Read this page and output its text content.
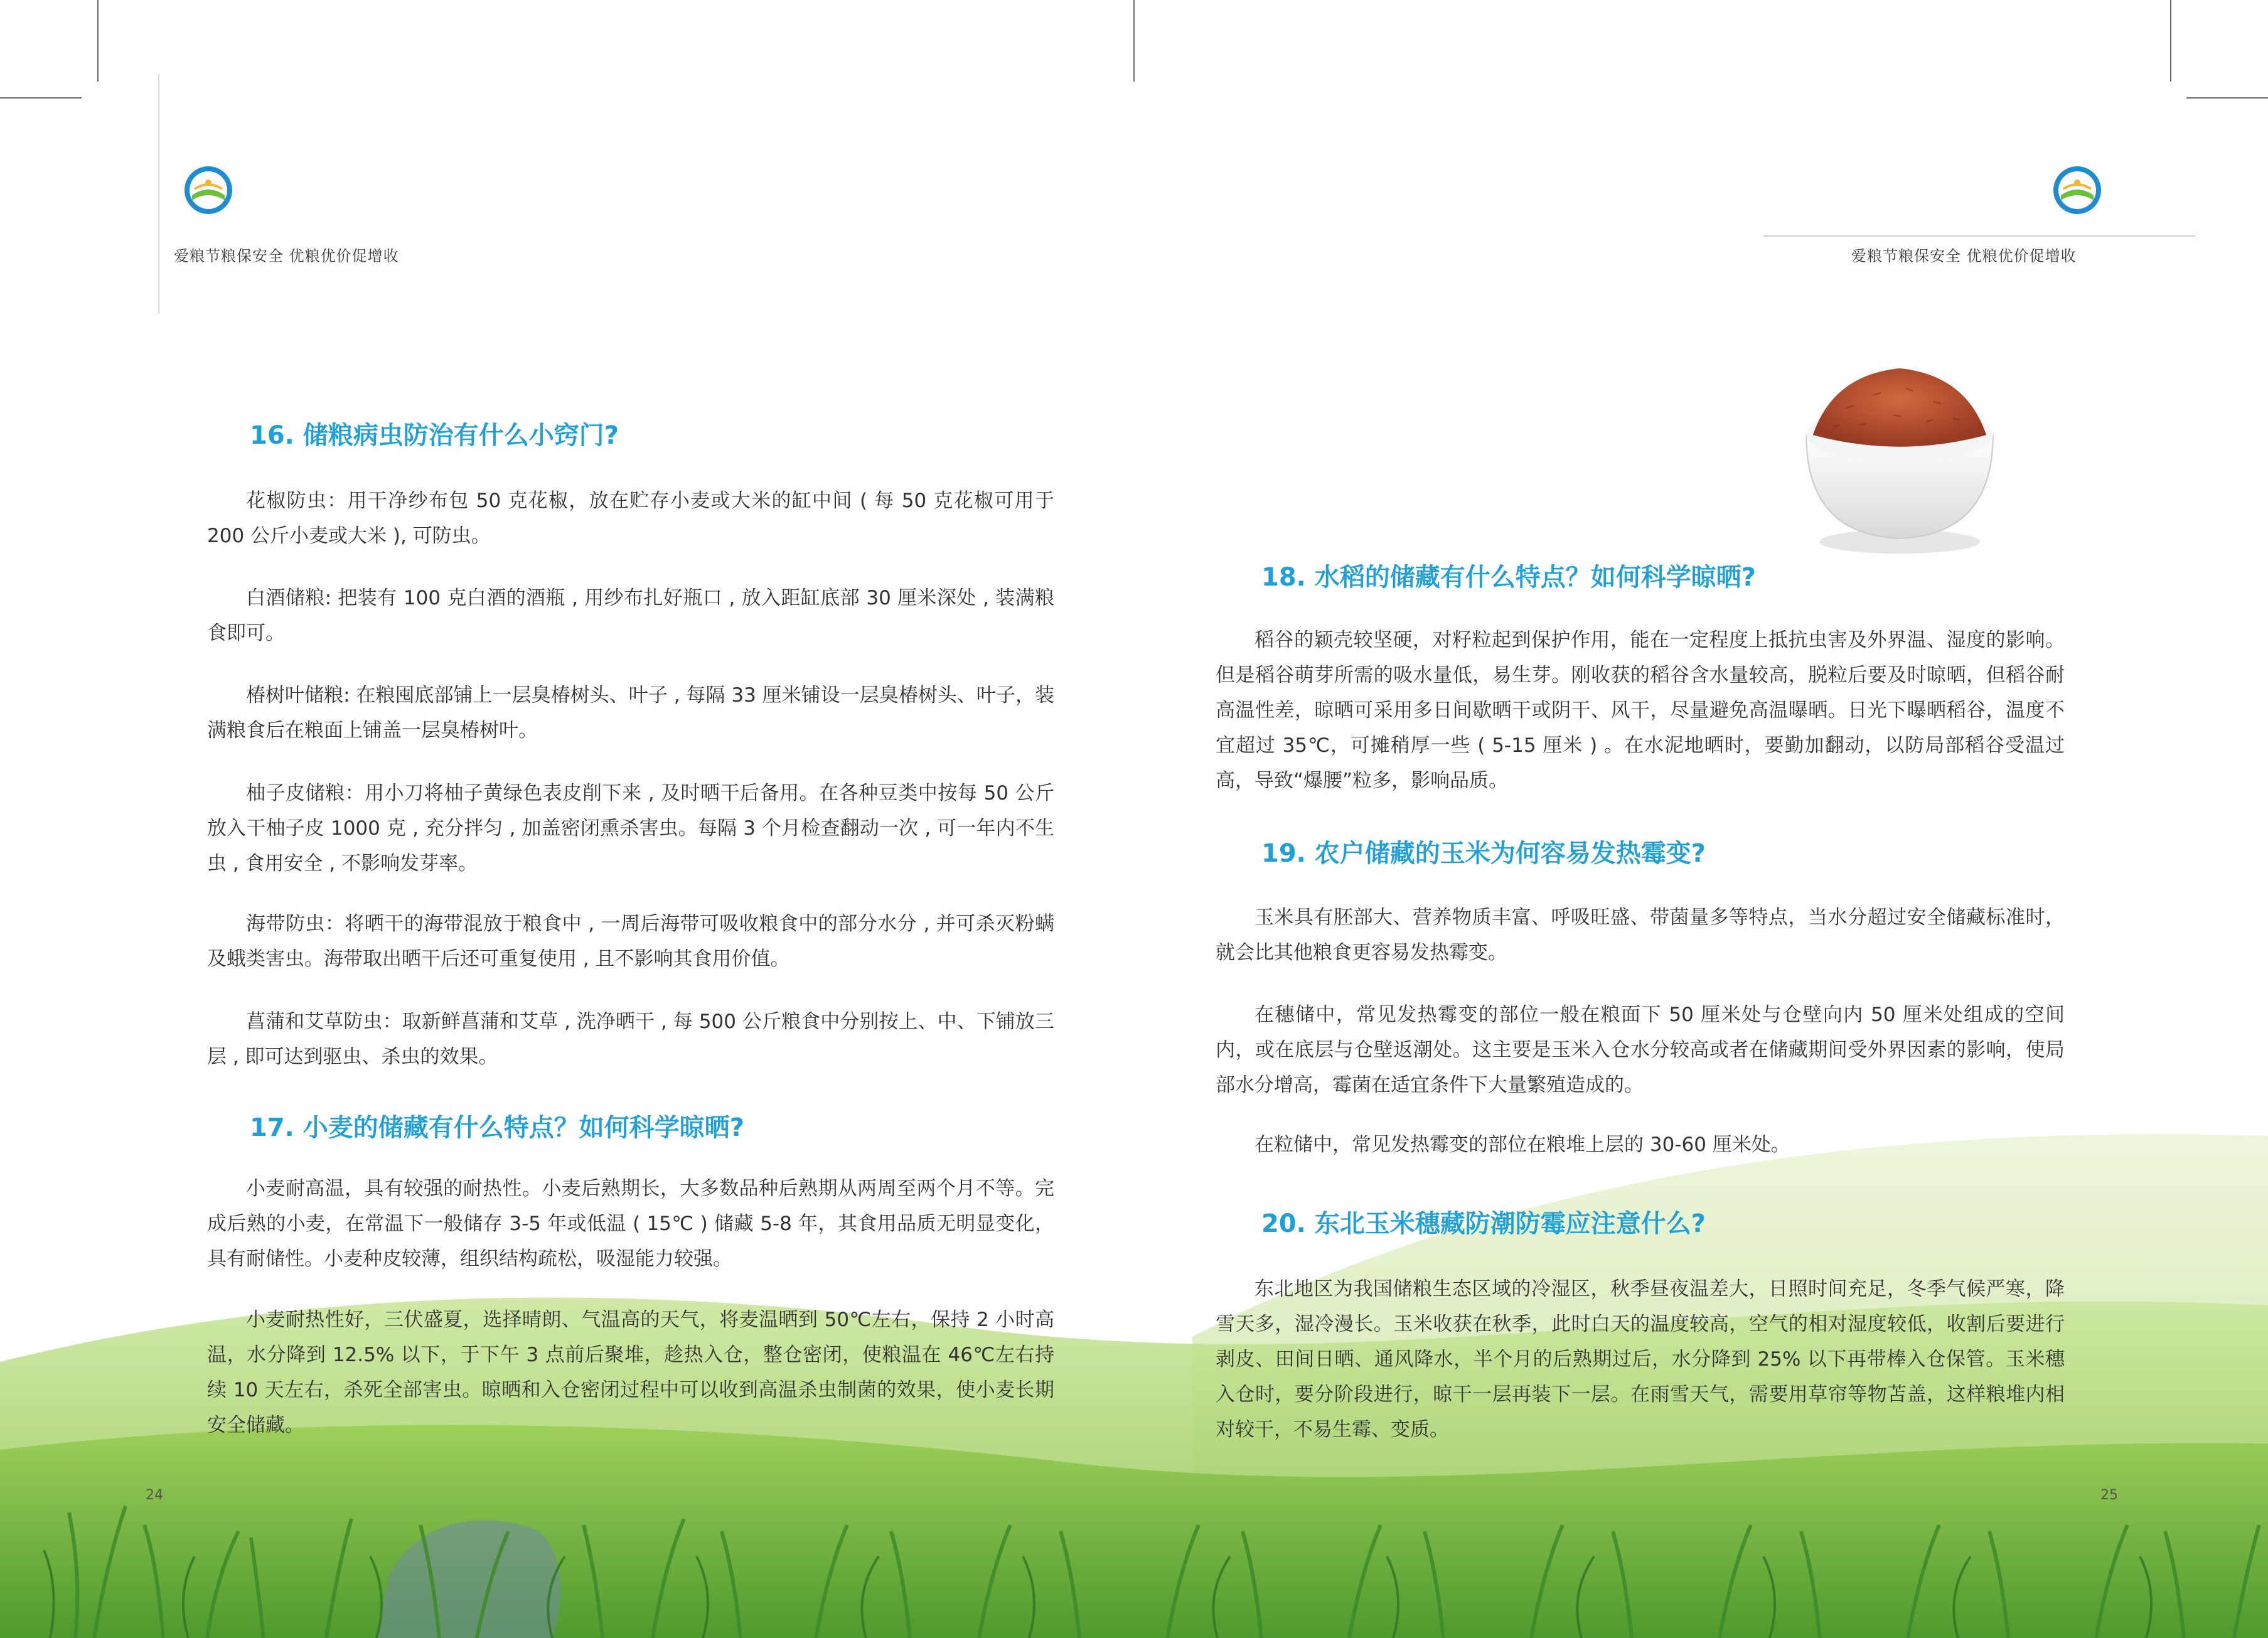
爱粮节粮保安全 优粮优价促增收
16. 储粮病虫防治有什么小窍门?

花椒防虫：用干净纱布包 50 克花椒，放在贮存小麦或大米的缸中间 ( 每 50 克花椒可用于 200 公斤小麦或大米 ), 可防虫。

白酒储粮: 把装有 100 克白酒的酒瓶 , 用纱布扎好瓶口 , 放入距缸底部 30 厘米深处 , 装满粮食即可。

椿树叶储粮: 在粮囤底部铺上一层臭椿树头、叶子 , 每隔 33 厘米铺设一层臭椿树头、叶子，装满粮食后在粮面上铺盖一层臭椿树叶。

柚子皮储粮：用小刀将柚子黄绿色表皮削下来 , 及时晒干后备用。在各种豆类中按每 50 公斤放入干柚子皮 1000 克 , 充分拌匀 , 加盖密闭熏杀害虫。每隔 3 个月检查翻动一次 , 可一年内不生虫 , 食用安全 , 不影响发芽率。

海带防虫：将晒干的海带混放于粮食中 , 一周后海带可吸收粮食中的部分水分 , 并可杀灭粉螨及蛾类害虫。海带取出晒干后还可重复使用 , 且不影响其食用价值。

菖蒲和艾草防虫：取新鲜菖蒲和艾草 , 洗净晒干 , 每 500 公斤粮食中分别按上、中、下铺放三层 , 即可达到驱虫、杀虫的效果。

17. 小麦的储藏有什么特点？如何科学晾晒?

小麦耐高温，具有较强的耐热性。小麦后熟期长，大多数品种后熟期从两周至两个月不等。完成后熟的小麦，在常温下一般储存 3-5 年或低温 ( 15℃ ) 储藏 5-8 年，其食用品质无明显变化，具有耐储性。小麦种皮较薄，组织结构疏松，吸湿能力较强。

小麦耐热性好，三伏盛夏，选择晴朗、气温高的天气，将麦温晒到 50℃左右，保持 2 小时高温，水分降到 12.5% 以下，于下午 3 点前后聚堆，趁热入仓，整仓密闭，使粮温在 46℃左右持续 10 天左右，杀死全部害虫。晾晒和入仓密闭过程中可以收到高温杀虫制菌的效果，使小麦长期安全储藏。

24
爱粮节粮保安全 优粮优价促增收
18. 水稻的储藏有什么特点？如何科学晾晒?

稻谷的颖壳较坚硬，对籽粒起到保护作用，能在一定程度上抵抗虫害及外界温、湿度的影响。但是稻谷萌芽所需的吸水量低，易生芽。刚收获的稻谷含水量较高，脱粒后要及时晾晒，但稻谷耐高温性差，晾晒可采用多日间歇晒干或阴干、风干，尽量避免高温曝晒。日光下曝晒稻谷，温度不宜超过 35℃，可摊稍厚一些 ( 5-15 厘米 ) 。在水泥地晒时，要勤加翻动，以防局部稻谷受温过高，导致“爆腰”粒多，影响品质。

19. 农户储藏的玉米为何容易发热霉变?

玉米具有胚部大、营养物质丰富、呼吸旺盛、带菌量多等特点，当水分超过安全储藏标准时，就会比其他粮食更容易发热霉变。

在穗储中，常见发热霉变的部位一般在粮面下 50 厘米处与仓壁向内 50 厘米处组成的空间内，或在底层与仓壁返潮处。这主要是玉米入仓水分较高或者在储藏期间受外界因素的影响，使局部水分增高，霉菌在适宜条件下大量繁殖造成的。

在粒储中，常见发热霉变的部位在粮堆上层的 30-60 厘米处。

20. 东北玉米穗藏防潮防霉应注意什么?

东北地区为我国储粮生态区域的冷湿区，秋季昼夜温差大，日照时间充足，冬季气候严寒，降雪天多，湿冷漫长。玉米收获在秋季，此时白天的温度较高，空气的相对湿度较低，收割后要进行剥皮、田间日晒、通风降水，半个月的后熟期过后，水分降到 25% 以下再带棒入仓保管。玉米穗入仓时，要分阶段进行，晾干一层再装下一层。在雨雪天气，需要用草帘等物苫盖，这样粮堆内相对较干，不易生霉、变质。

25
